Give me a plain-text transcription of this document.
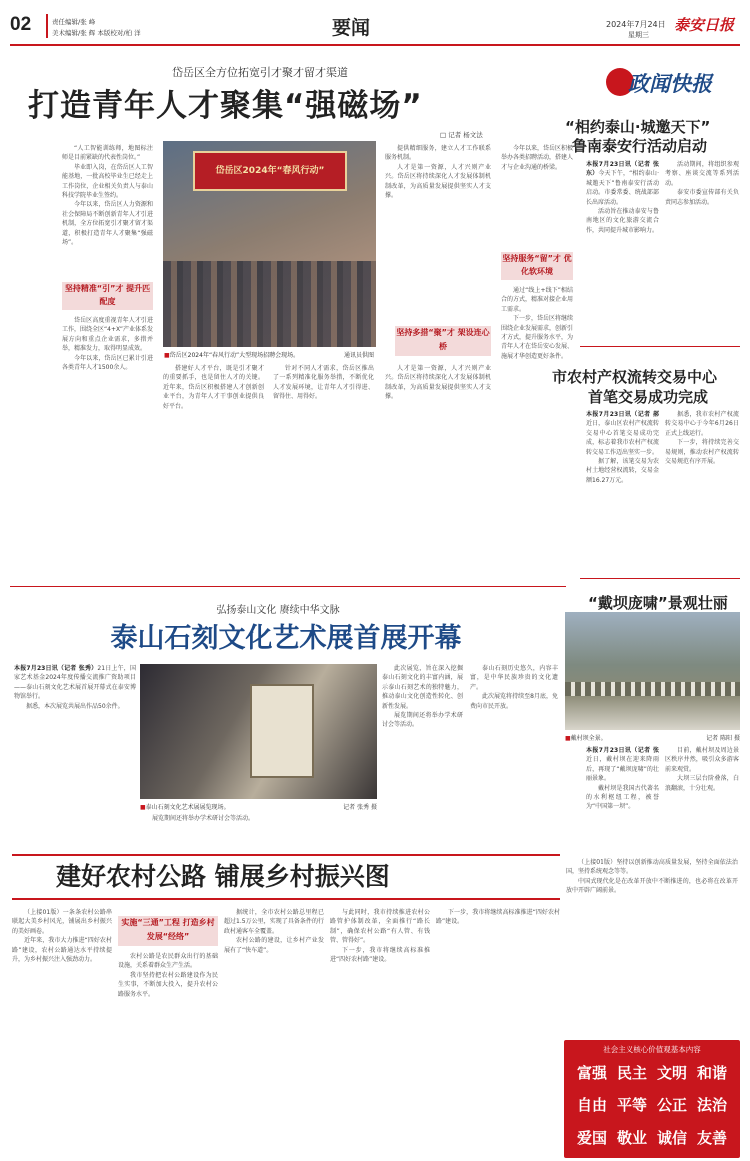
02	责任编辑/张 峰
美术编辑/张 辉 本版校对/柏 洋	要闻	2024年7月24日
星期三
泰安日报
岱岳区全方位拓宽引才聚才留才渠道
打造青年人才聚集“强磁场”
□ 记者 杨文法

“人工智能训练师，地图标注师是目前紧缺的代表性岗位。”

毕业即入岗，在岱岳区人工智能基地，一批高校毕业生已经走上工作岗位，企业相关负责人与泰山科技学院毕业生签约。

今年以来，岱岳区人力资源和社会保障局不断创新青年人才引进机制，全方位拓宽引才聚才留才渠道，积极打造青年人才聚集“强磁场”。

坚持精准“引”才 提升匹配度

岱岳区高度重视青年人才引进工作，围绕全区“4+X”产业体系发展方向和重点企业需求，多措并举，精准发力，取得明显成效。

今年以来，岱岳区已累计引进各类青年人才1500余人。

岱岳区2024年“春风行动”
■岱岳区2024年“春风行动”大型现场招聘会现场。	通讯员供图

搭建好人才平台，既是引才聚才的重要抓手，也是留住人才的关键。近年来，岱岳区积极搭建人才创新创业平台，为青年人才干事创业提供良好平台。

针对不同人才需求，岱岳区推出了一系列精准化服务举措，不断优化人才发展环境，让青年人才引得进、留得住、用得好。

提供精细服务，建立人才工作联系服务机制。

人才是第一资源，人才兴则产业兴。岱岳区将持续深化人才发展体制机制改革，为高质量发展提供坚实人才支撑。

坚持多措“聚”才 架设连心桥

人才是第一资源，人才兴则产业兴。岱岳区将持续深化人才发展体制机制改革，为高质量发展提供坚实人才支撑。

今年以来，岱岳区积极举办各类招聘活动，搭建人才与企业沟通的桥梁。

坚持服务“留”才 优化软环境

通过“线上+线下”相结合的方式，精准对接企业用工需求。

下一步，岱岳区将继续围绕企业发展需求，创新引才方式，提升服务水平，为青年人才在岱岳安心发展、施展才华创造更好条件。

政闻快报
“相约泰山·城邀天下”
鲁南泰安行活动启动

本报7月23日讯（记者 张东）今天下午，“相约泰山·城邀天下”鲁南泰安行活动启动。市委常委、统战部部长出席活动。

活动旨在推动泰安与鲁南地区的文化旅游交流合作，共同提升城市影响力。

活动期间，将组织参观考察、座谈交流等系列活动。

泰安市委宣传部有关负责同志参加活动。

市农村产权流转交易中心
首笔交易成功完成

本报7月23日讯（记者 郝近日，泰山区农村产权流转交易中心首笔交易成功完成，标志着我市农村产权流转交易工作迈出坚实一步。

据了解，该笔交易为农村土地经营权流转，交易金额16.27万元。

据悉，我市农村产权流转交易中心于今年6月26日正式上线运行。

下一步，将持续完善交易规则，推动农村产权流转交易规范有序开展。

“戴坝庞啸”景观壮丽
■戴村坝全景。	记者 陈阳 摄

本报7月23日讯（记者 张近日，戴村坝在迎来降雨后，再现了“戴坝庞啸”的壮丽景象。

戴村坝是我国古代著名的水利枢纽工程，被誉为“中国第一坝”。

目前，戴村坝及周边景区秩序井然，吸引众多游客前来观赏。

大坝三层台阶叠落，白浪翻滚，十分壮观。

弘扬泰山文化 赓续中华文脉
泰山石刻文化艺术展首展开幕

本报7月23日讯（记者 张秀）21日上午，国家艺术基金2024年度传播交流推广资助项目——泰山石刻文化艺术展首展开幕式在泰安博物馆举行。

据悉，本次展览共展出作品50余件。

■泰山石刻文化艺术展展览现场。	记者 张秀 摄

此次展览，旨在深入挖掘泰山石刻文化的丰富内涵，展示泰山石刻艺术的独特魅力，推动泰山文化创造性转化、创新性发展。

展览期间还将举办学术研讨会等活动。

泰山石刻历史悠久，内容丰富，是中华民族珍贵的文化遗产。

此次展览将持续至8月底，免费向市民开放。

展览期间还将举办学术研讨会等活动。

建好农村公路 铺展乡村振兴图

（上接01版）一条条农村公路串联起大美乡村风光，铺展出乡村振兴的美好画卷。

近年来，我市大力推进“四好农村路”建设，农村公路通达水平持续提升，为乡村振兴注入强劲动力。

实施“三通”工程 打造乡村发展“经络”

农村公路是农民群众出行的基础设施，关系着群众生产生活。

我市坚持把农村公路建设作为民生实事，不断加大投入，提升农村公路服务水平。

据统计，全市农村公路总里程已超过1.5万公里，实现了具备条件的行政村通客车全覆盖。

农村公路的建设，让乡村产业发展有了“快车道”。

与此同时，我市持续推进农村公路管护体制改革，全面推行“路长制”，确保农村公路“有人管、有钱管、管得好”。

下一步，我市将继续高标准推进“四好农村路”建设。

下一步，我市将继续高标准推进“四好农村路”建设。

（上接01版）坚持以创新推动高质量发展，坚持全面依法治国，坚持系统观念等等。

中国式现代化是在改革开放中不断推进的，也必将在改革开放中开辟广阔前景。

社会主义核心价值观基本内容
富强 民主 文明 和谐
自由 平等 公正 法治
爱国 敬业 诚信 友善
